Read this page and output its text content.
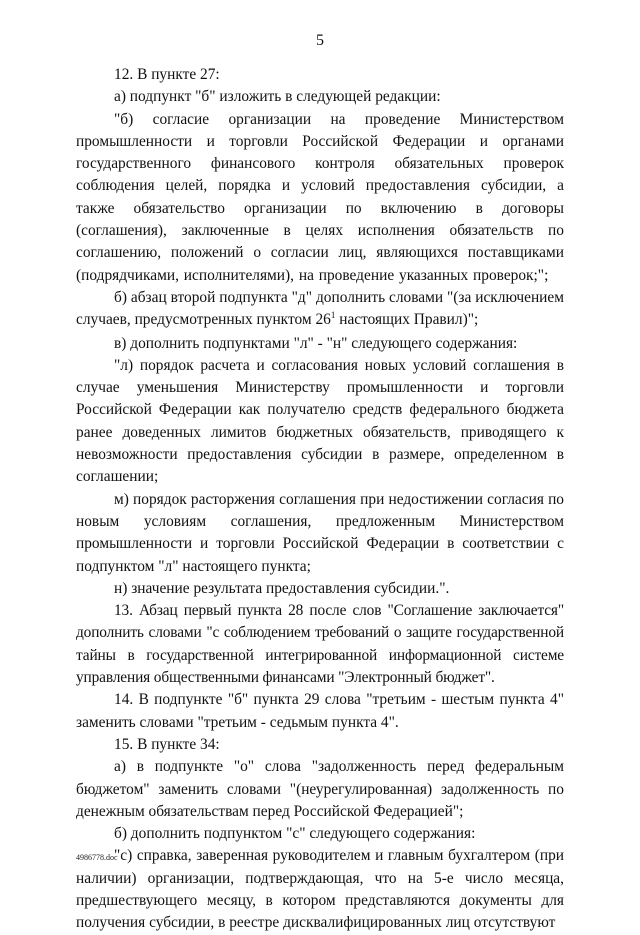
5

12. В пункте 27:

а) подпункт "б" изложить в следующей редакции:

"б) согласие организации на проведение Министерством промышленности и торговли Российской Федерации и органами государственного финансового контроля обязательных проверок соблюдения целей, порядка и условий предоставления субсидии, а также обязательство организации по включению в договоры (соглашения), заключенные в целях исполнения обязательств по соглашению, положений о согласии лиц, являющихся поставщиками (подрядчиками, исполнителями), на проведение указанных проверок;";

б) абзац второй подпункта "д" дополнить словами "(за исключением случаев, предусмотренных пунктом $26^1$ настоящих Правил)";

в) дополнить подпунктами "л" - "н" следующего содержания:

"л) порядок расчета и согласования новых условий соглашения в случае уменьшения Министерству промышленности и торговли Российской Федерации как получателю средств федерального бюджета ранее доведенных лимитов бюджетных обязательств, приводящего к невозможности предоставления субсидии в размере, определенном в соглашении;

м) порядок расторжения соглашения при недостижении согласия по новым условиям соглашения, предложенным Министерством промышленности и торговли Российской Федерации в соответствии с подпунктом "л" настоящего пункта;

н) значение результата предоставления субсидии.".

13. Абзац первый пункта 28 после слов "Соглашение заключается" дополнить словами "с соблюдением требований о защите государственной тайны в государственной интегрированной информационной системе управления общественными финансами "Электронный бюджет".

14. В подпункте "б" пункта 29 слова "третьим - шестым пункта 4" заменить словами "третьим - седьмым пункта 4".

15. В пункте 34:

а) в подпункте "о" слова "задолженность перед федеральным бюджетом" заменить словами "(неурегулированная) задолженность по денежным обязательствам перед Российской Федерацией";

б) дополнить подпунктом "с" следующего содержания:

"с) справка, заверенная руководителем и главным бухгалтером (при наличии) организации, подтверждающая, что на 5-е число месяца, предшествующего месяцу, в котором представляются документы для получения субсидии, в реестре дисквалифицированных лиц отсутствуют

4986778.doc
